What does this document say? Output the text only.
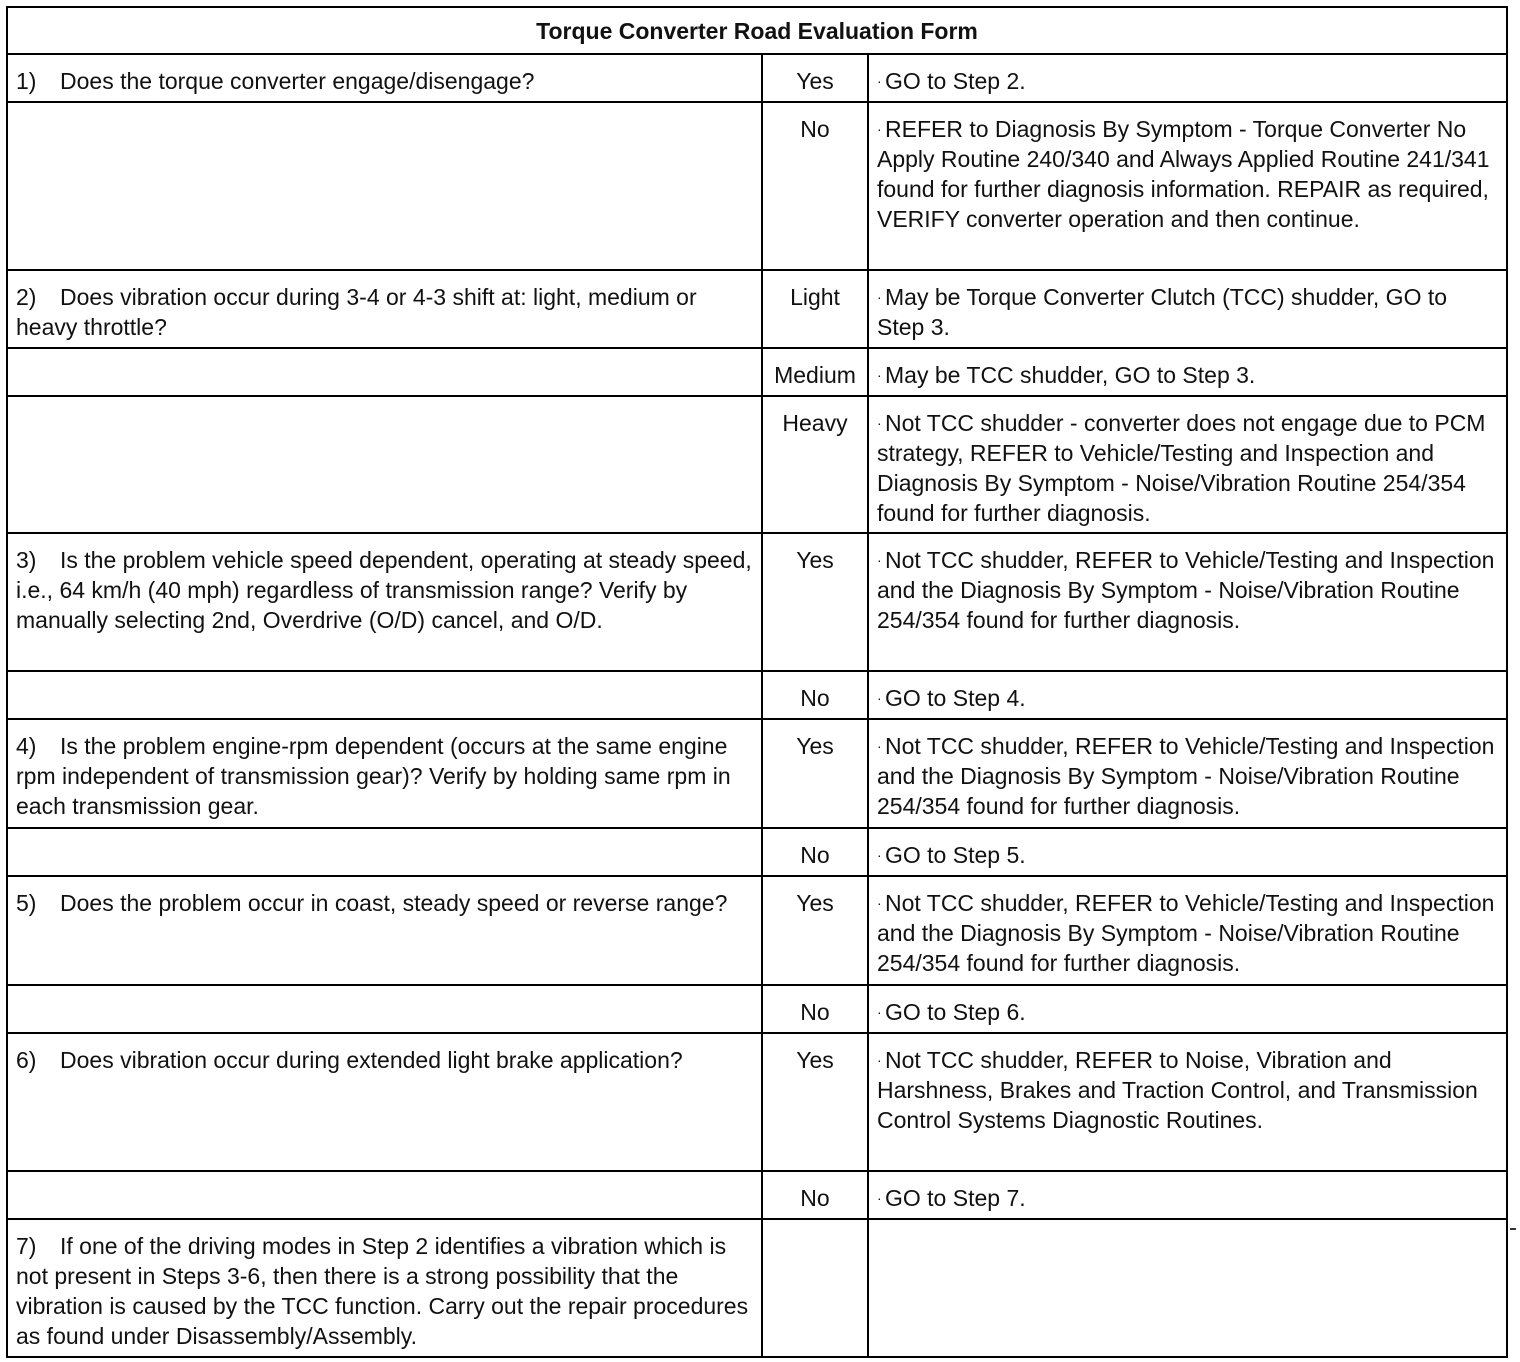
Torque Converter Road Evaluation Form		
1) Does the torque converter engage/disengage?	Yes	· GO to Step 2.
	No	· REFER to Diagnosis By Symptom - Torque Converter No Apply Routine 240/340 and Always Applied Routine 241/341 found for further diagnosis information. REPAIR as required, VERIFY converter operation and then continue.
2) Does vibration occur during 3-4 or 4-3 shift at: light, medium or heavy throttle?	Light	· May be Torque Converter Clutch (TCC) shudder, GO to Step 3.
	Medium	· May be TCC shudder, GO to Step 3.
	Heavy	· Not TCC shudder - converter does not engage due to PCM strategy, REFER to Vehicle/Testing and Inspection and Diagnosis By Symptom - Noise/Vibration Routine 254/354 found for further diagnosis.
3) Is the problem vehicle speed dependent, operating at steady speed, i.e., 64 km/h (40 mph) regardless of transmission range? Verify by manually selecting 2nd, Overdrive (O/D) cancel, and O/D.	Yes	· Not TCC shudder, REFER to Vehicle/Testing and Inspection and the Diagnosis By Symptom - Noise/Vibration Routine 254/354 found for further diagnosis.
	No	· GO to Step 4.
4) Is the problem engine-rpm dependent (occurs at the same engine rpm independent of transmission gear)? Verify by holding same rpm in each transmission gear.	Yes	· Not TCC shudder, REFER to Vehicle/Testing and Inspection and the Diagnosis By Symptom - Noise/Vibration Routine 254/354 found for further diagnosis.
	No	· GO to Step 5.
5) Does the problem occur in coast, steady speed or reverse range?	Yes	· Not TCC shudder, REFER to Vehicle/Testing and Inspection and the Diagnosis By Symptom - Noise/Vibration Routine 254/354 found for further diagnosis.
	No	· GO to Step 6.
6) Does vibration occur during extended light brake application?	Yes	· Not TCC shudder, REFER to Noise, Vibration and Harshness, Brakes and Traction Control, and Transmission Control Systems Diagnostic Routines.
	No	· GO to Step 7.
7) If one of the driving modes in Step 2 identifies a vibration which is not present in Steps 3-6, then there is a strong possibility that the vibration is caused by the TCC function. Carry out the repair procedures as found under Disassembly/Assembly.		
